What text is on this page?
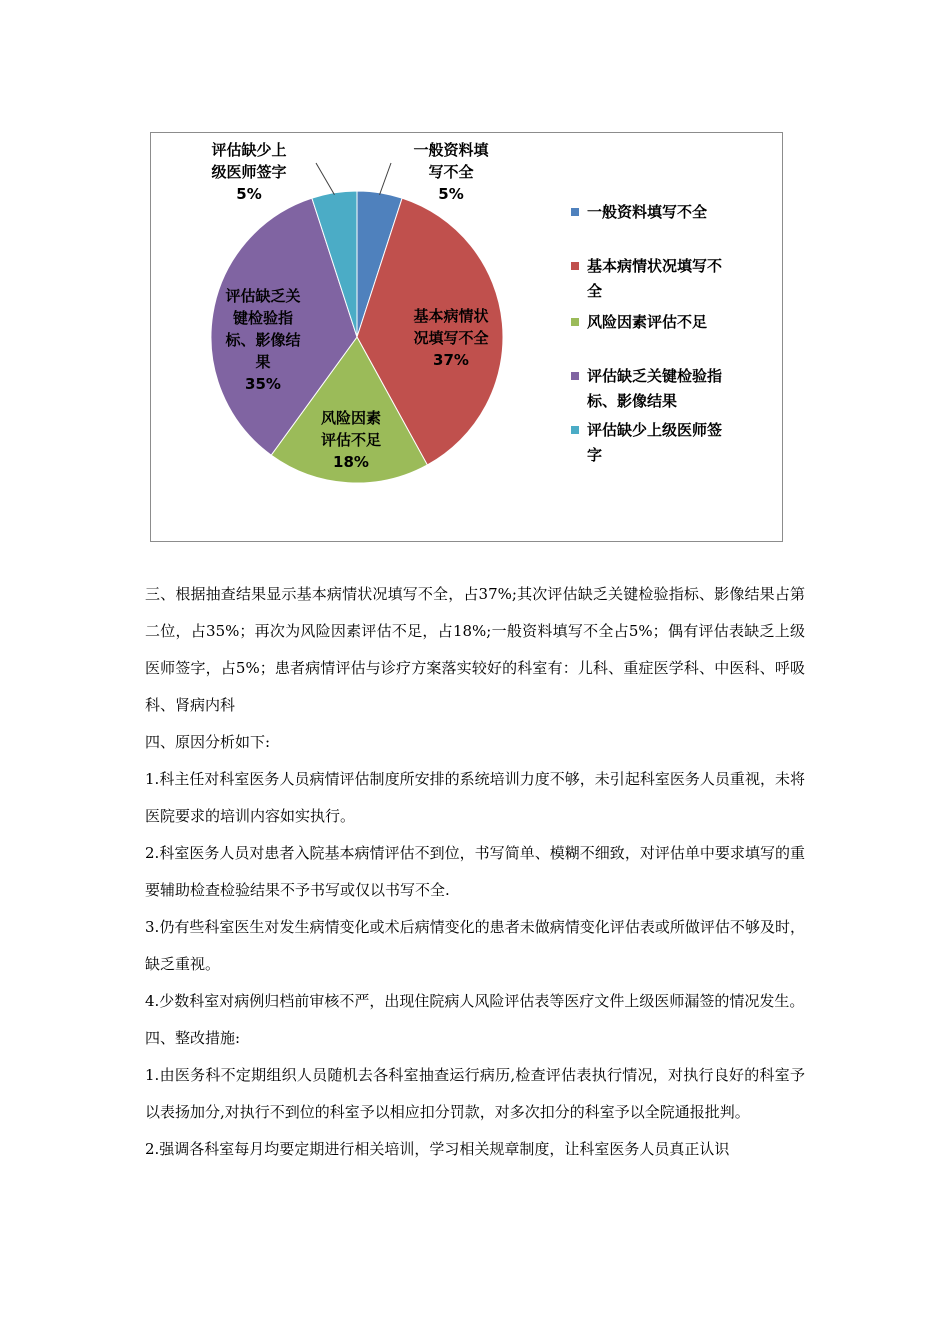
一般资料填写不全 5%
基本病情状况填写不全 37%
风险因素评估不足 18%
评估缺乏关键检验指标、影像结果 35%
评估缺少上级医师签字 5%
一般资料填写不全
基本病情状况填写不全
风险因素评估不足
评估缺乏关键检验指标、影像结果
评估缺少上级医师签字

三、根据抽查结果显示基本病情状况填写不全，占37%;其次评估缺乏关键检验指标、影像结果占第二位，占35%；再次为风险因素评估不足，占18%;一般资料填写不全占5%；偶有评估表缺乏上级医师签字，占5%；患者病情评估与诊疗方案落实较好的科室有：儿科、重症医学科、中医科、呼吸科、肾病内科

四、原因分析如下:

1.科主任对科室医务人员病情评估制度所安排的系统培训力度不够，未引起科室医务人员重视，未将医院要求的培训内容如实执行。

2.科室医务人员对患者入院基本病情评估不到位，书写简单、模糊不细致，对评估单中要求填写的重要辅助检查检验结果不予书写或仅以书写不全.

3.仍有些科室医生对发生病情变化或术后病情变化的患者未做病情变化评估表或所做评估不够及时，缺乏重视。

4.少数科室对病例归档前审核不严，出现住院病人风险评估表等医疗文件上级医师漏签的情况发生。

四、整改措施:

1.由医务科不定期组织人员随机去各科室抽查运行病历,检查评估表执行情况，对执行良好的科室予以表扬加分,对执行不到位的科室予以相应扣分罚款，对多次扣分的科室予以全院通报批判。

2.强调各科室每月均要定期进行相关培训，学习相关规章制度，让科室医务人员真正认识
